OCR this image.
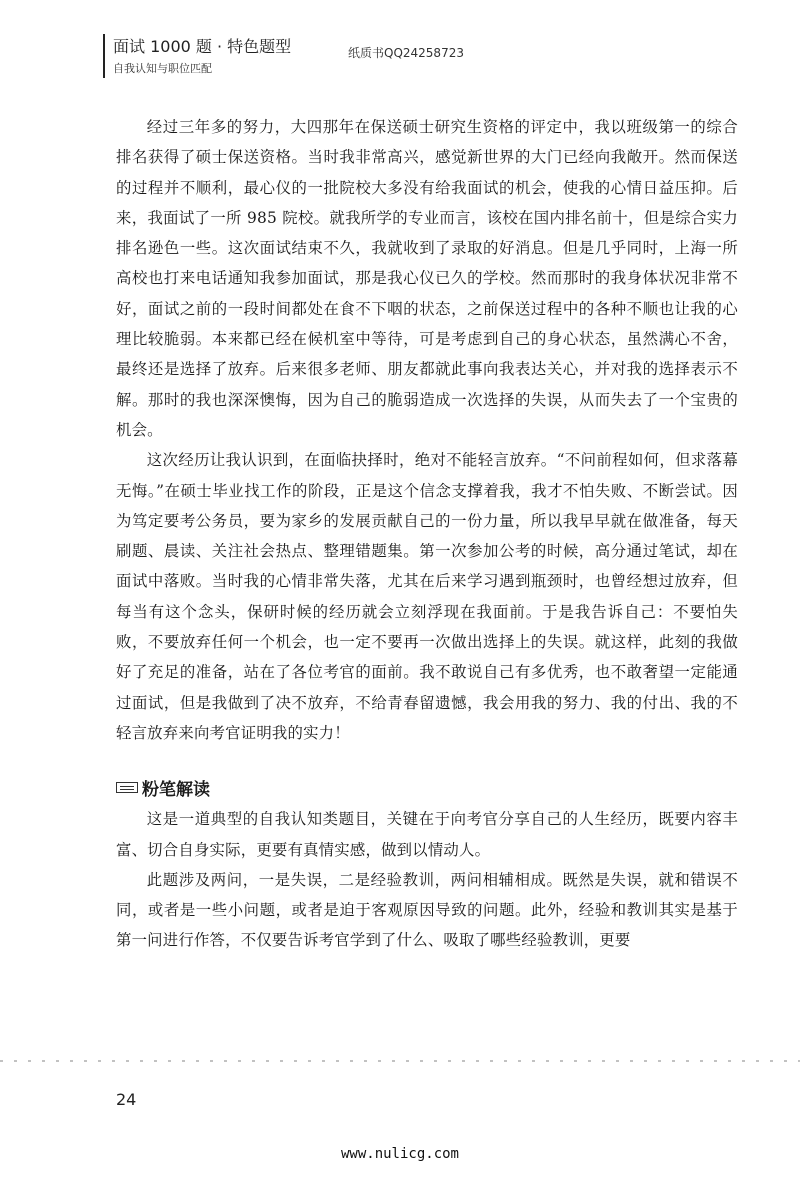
面试 1000 题 · 特色题型
自我认知与职位匹配
纸质书QQ24258723

经过三年多的努力，大四那年在保送硕士研究生资格的评定中，我以班级第一的综合排名获得了硕士保送资格。当时我非常高兴，感觉新世界的大门已经向我敞开。然而保送的过程并不顺利，最心仪的一批院校大多没有给我面试的机会，使我的心情日益压抑。后来，我面试了一所 985 院校。就我所学的专业而言，该校在国内排名前十，但是综合实力排名逊色一些。这次面试结束不久，我就收到了录取的好消息。但是几乎同时，上海一所高校也打来电话通知我参加面试，那是我心仪已久的学校。然而那时的我身体状况非常不好，面试之前的一段时间都处在食不下咽的状态，之前保送过程中的各种不顺也让我的心理比较脆弱。本来都已经在候机室中等待，可是考虑到自己的身心状态，虽然满心不舍，最终还是选择了放弃。后来很多老师、朋友都就此事向我表达关心，并对我的选择表示不解。那时的我也深深懊悔，因为自己的脆弱造成一次选择的失误，从而失去了一个宝贵的机会。

这次经历让我认识到，在面临抉择时，绝对不能轻言放弃。“不问前程如何，但求落幕无悔。”在硕士毕业找工作的阶段，正是这个信念支撑着我，我才不怕失败、不断尝试。因为笃定要考公务员，要为家乡的发展贡献自己的一份力量，所以我早早就在做准备，每天刷题、晨读、关注社会热点、整理错题集。第一次参加公考的时候，高分通过笔试，却在面试中落败。当时我的心情非常失落，尤其在后来学习遇到瓶颈时，也曾经想过放弃，但每当有这个念头，保研时候的经历就会立刻浮现在我面前。于是我告诉自己：不要怕失败，不要放弃任何一个机会，也一定不要再一次做出选择上的失误。就这样，此刻的我做好了充足的准备，站在了各位考官的面前。我不敢说自己有多优秀，也不敢奢望一定能通过面试，但是我做到了决不放弃，不给青春留遗憾，我会用我的努力、我的付出、我的不轻言放弃来向考官证明我的实力！

粉笔解读

这是一道典型的自我认知类题目，关键在于向考官分享自己的人生经历，既要内容丰富、切合自身实际，更要有真情实感，做到以情动人。

此题涉及两问，一是失误，二是经验教训，两问相辅相成。既然是失误，就和错误不同，或者是一些小问题，或者是迫于客观原因导致的问题。此外，经验和教训其实是基于第一问进行作答，不仅要告诉考官学到了什么、吸取了哪些经验教训，更要

24
www.nulicg.com
